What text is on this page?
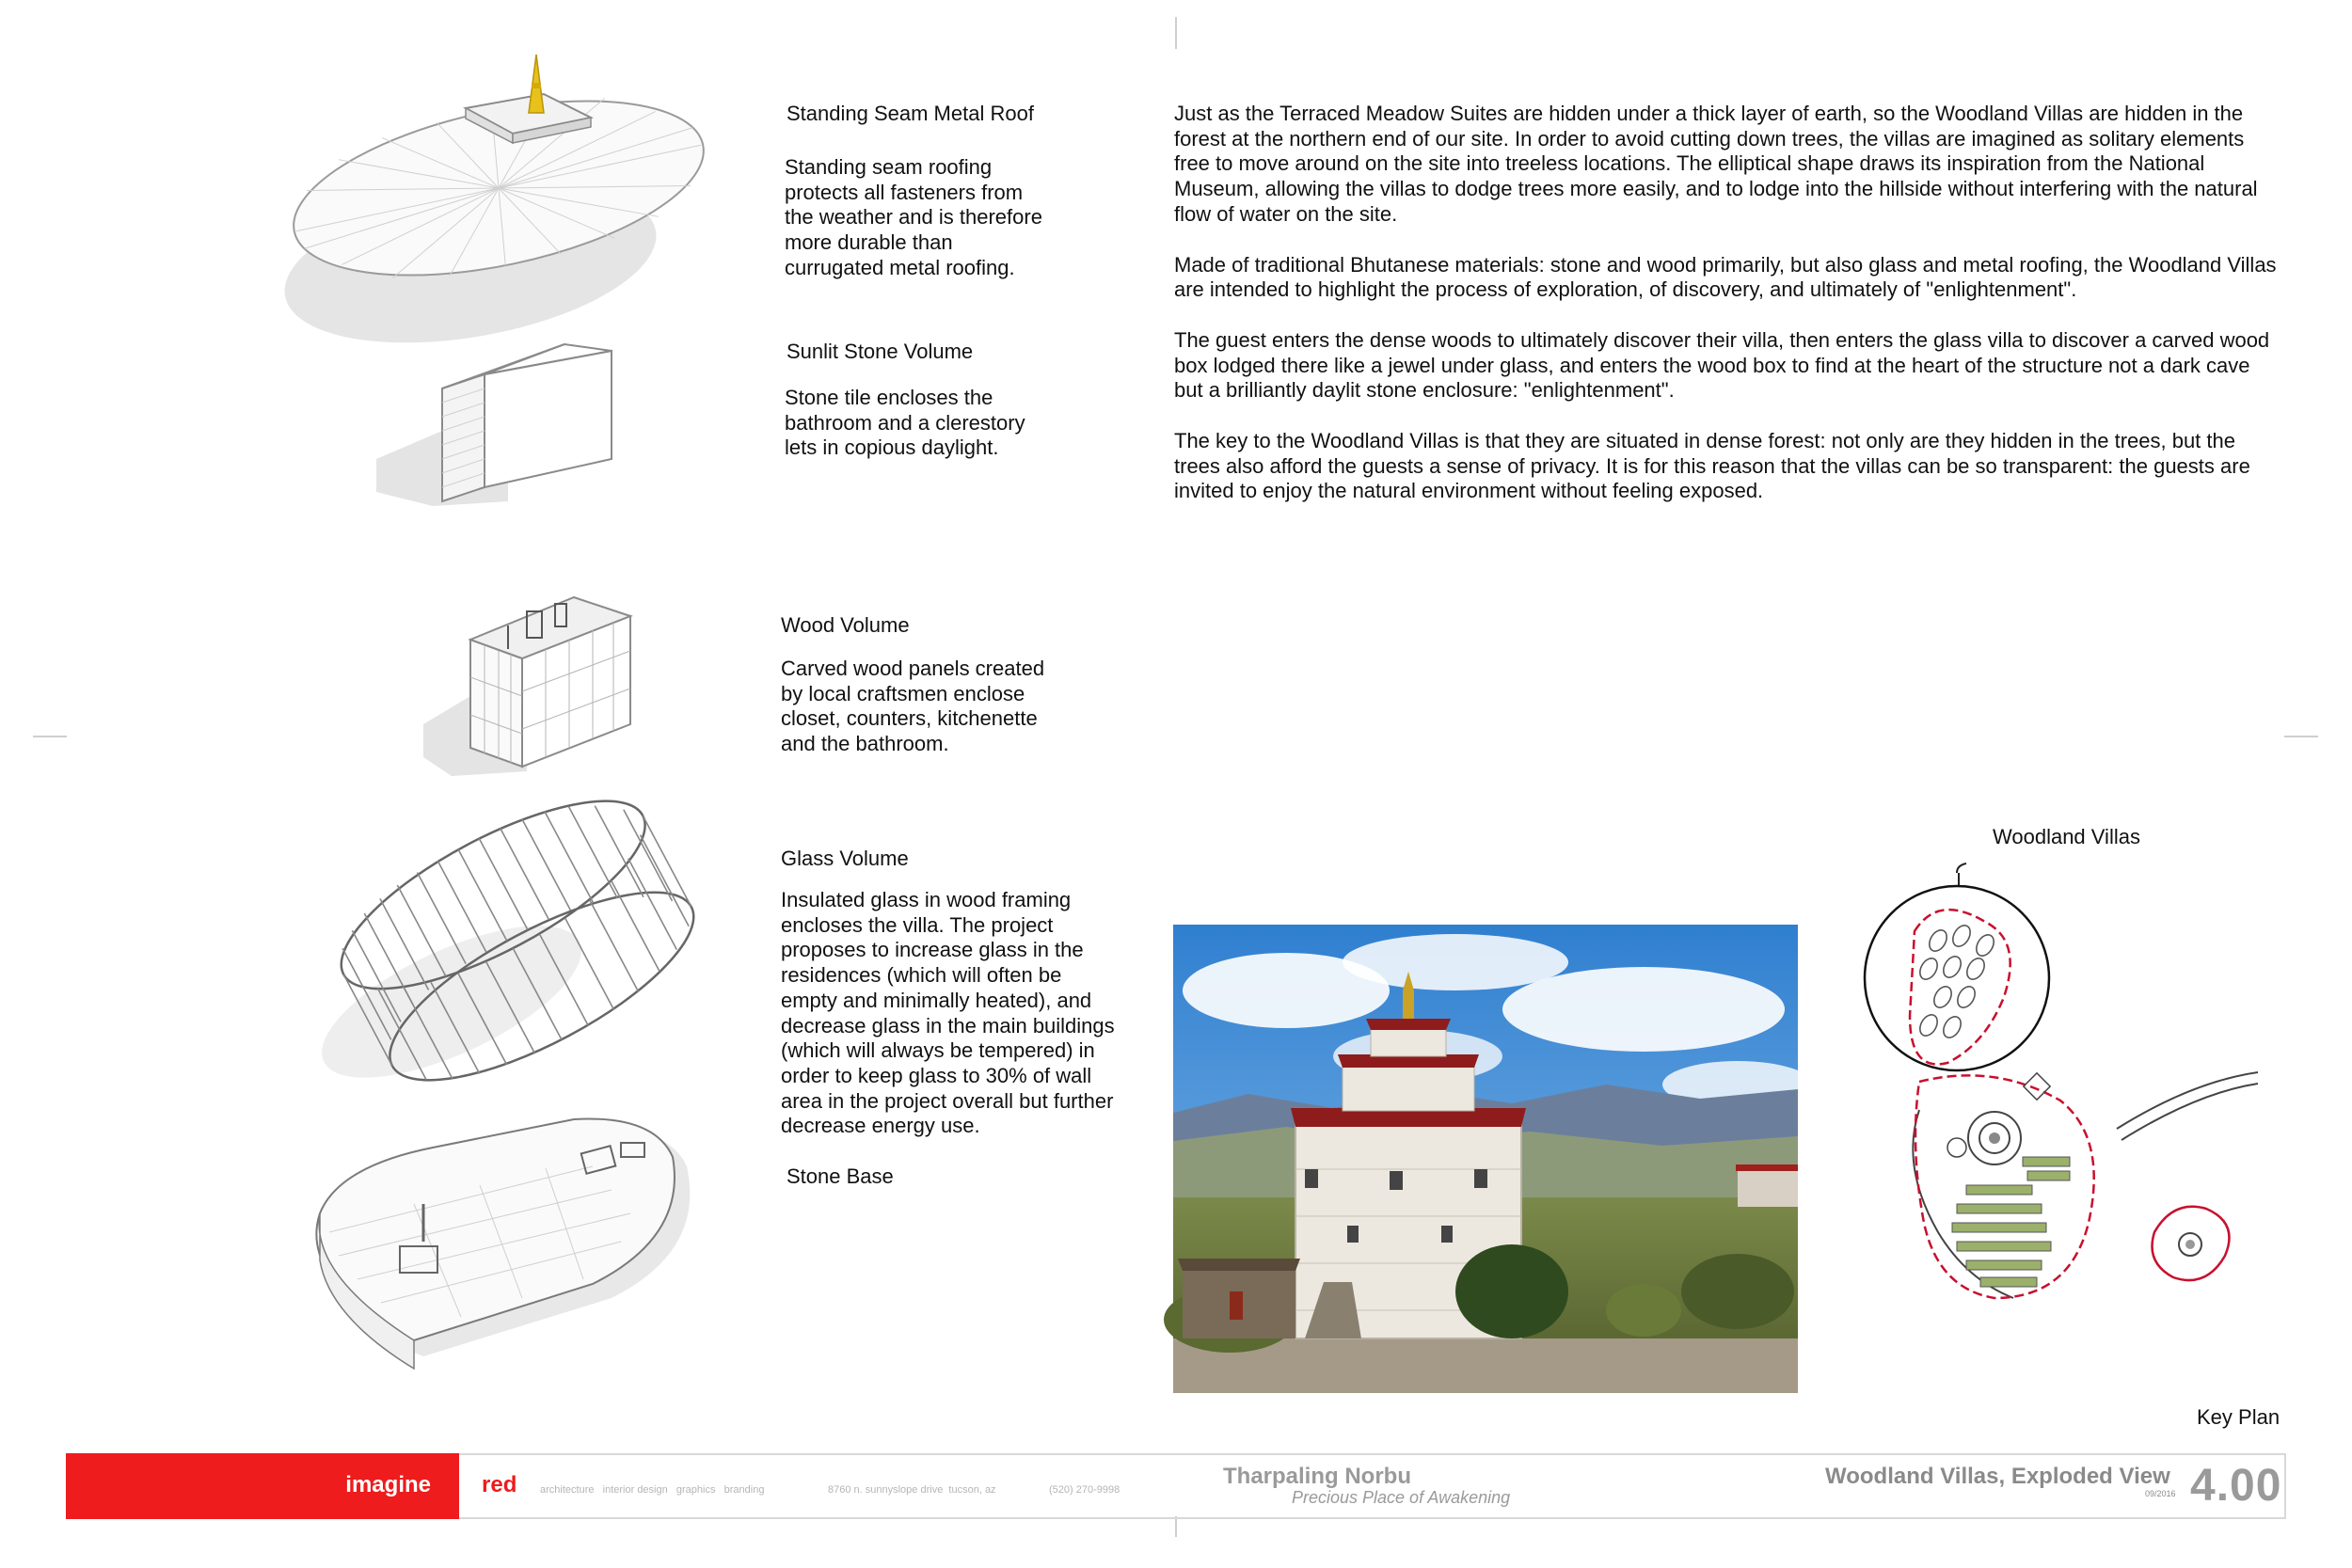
Standing Seam Metal Roof
Standing seam roofing
protects all fasteners from
the weather and is therefore
more durable than
currugated metal roofing.
Sunlit Stone Volume
Stone tile encloses the
bathroom and a clerestory
lets in copious daylight.
Wood Volume
Carved wood panels created
by local craftsmen enclose
closet, counters, kitchenette
and the bathroom.
Glass Volume
Insulated glass in wood framing
encloses the villa. The project
proposes to increase glass in the
residences (which will often be
empty and minimally heated), and
decrease glass in the main buildings
(which will always be tempered) in
order to keep glass to 30% of wall
area in the project overall but further
decrease energy use.
Stone Base

Just as the Terraced Meadow Suites are hidden under a thick layer of earth, so the Woodland Villas are hidden in the forest at the northern end of our site. In order to avoid cutting down trees, the villas are imagined as solitary elements free to move around on the site into treeless locations. The elliptical shape draws its inspiration from the National Museum, allowing the villas to dodge trees more easily, and to lodge into the hillside without interfering with the natural flow of water on the site.

Made of traditional Bhutanese materials: stone and wood primarily, but also glass and metal roofing, the Woodland Villas are intended to highlight the process of exploration, of discovery, and ultimately of "enlightenment".

The guest enters the dense woods to ultimately discover their villa, then enters the glass villa to discover a carved wood box lodged there like a jewel under glass, and enters the wood box to find at the heart of the structure not a dark cave but a brilliantly daylit stone enclosure: "enlightenment".

The key to the Woodland Villas is that they are situated in dense forest: not only are they hidden in the trees, but the trees also afford the guests a sense of privacy. It is for this reason that the villas can be so transparent: the guests are invited to enjoy the natural environment without feeling exposed.

Woodland Villas
Key Plan
imagine red architecture   interior design   graphics   branding	8760 n. sunnyslope drive  tucson, az	(520) 270-9998
Tharpaling Norbu
Precious Place of Awakening
Woodland Villas, Exploded View
09/2016 4.00
